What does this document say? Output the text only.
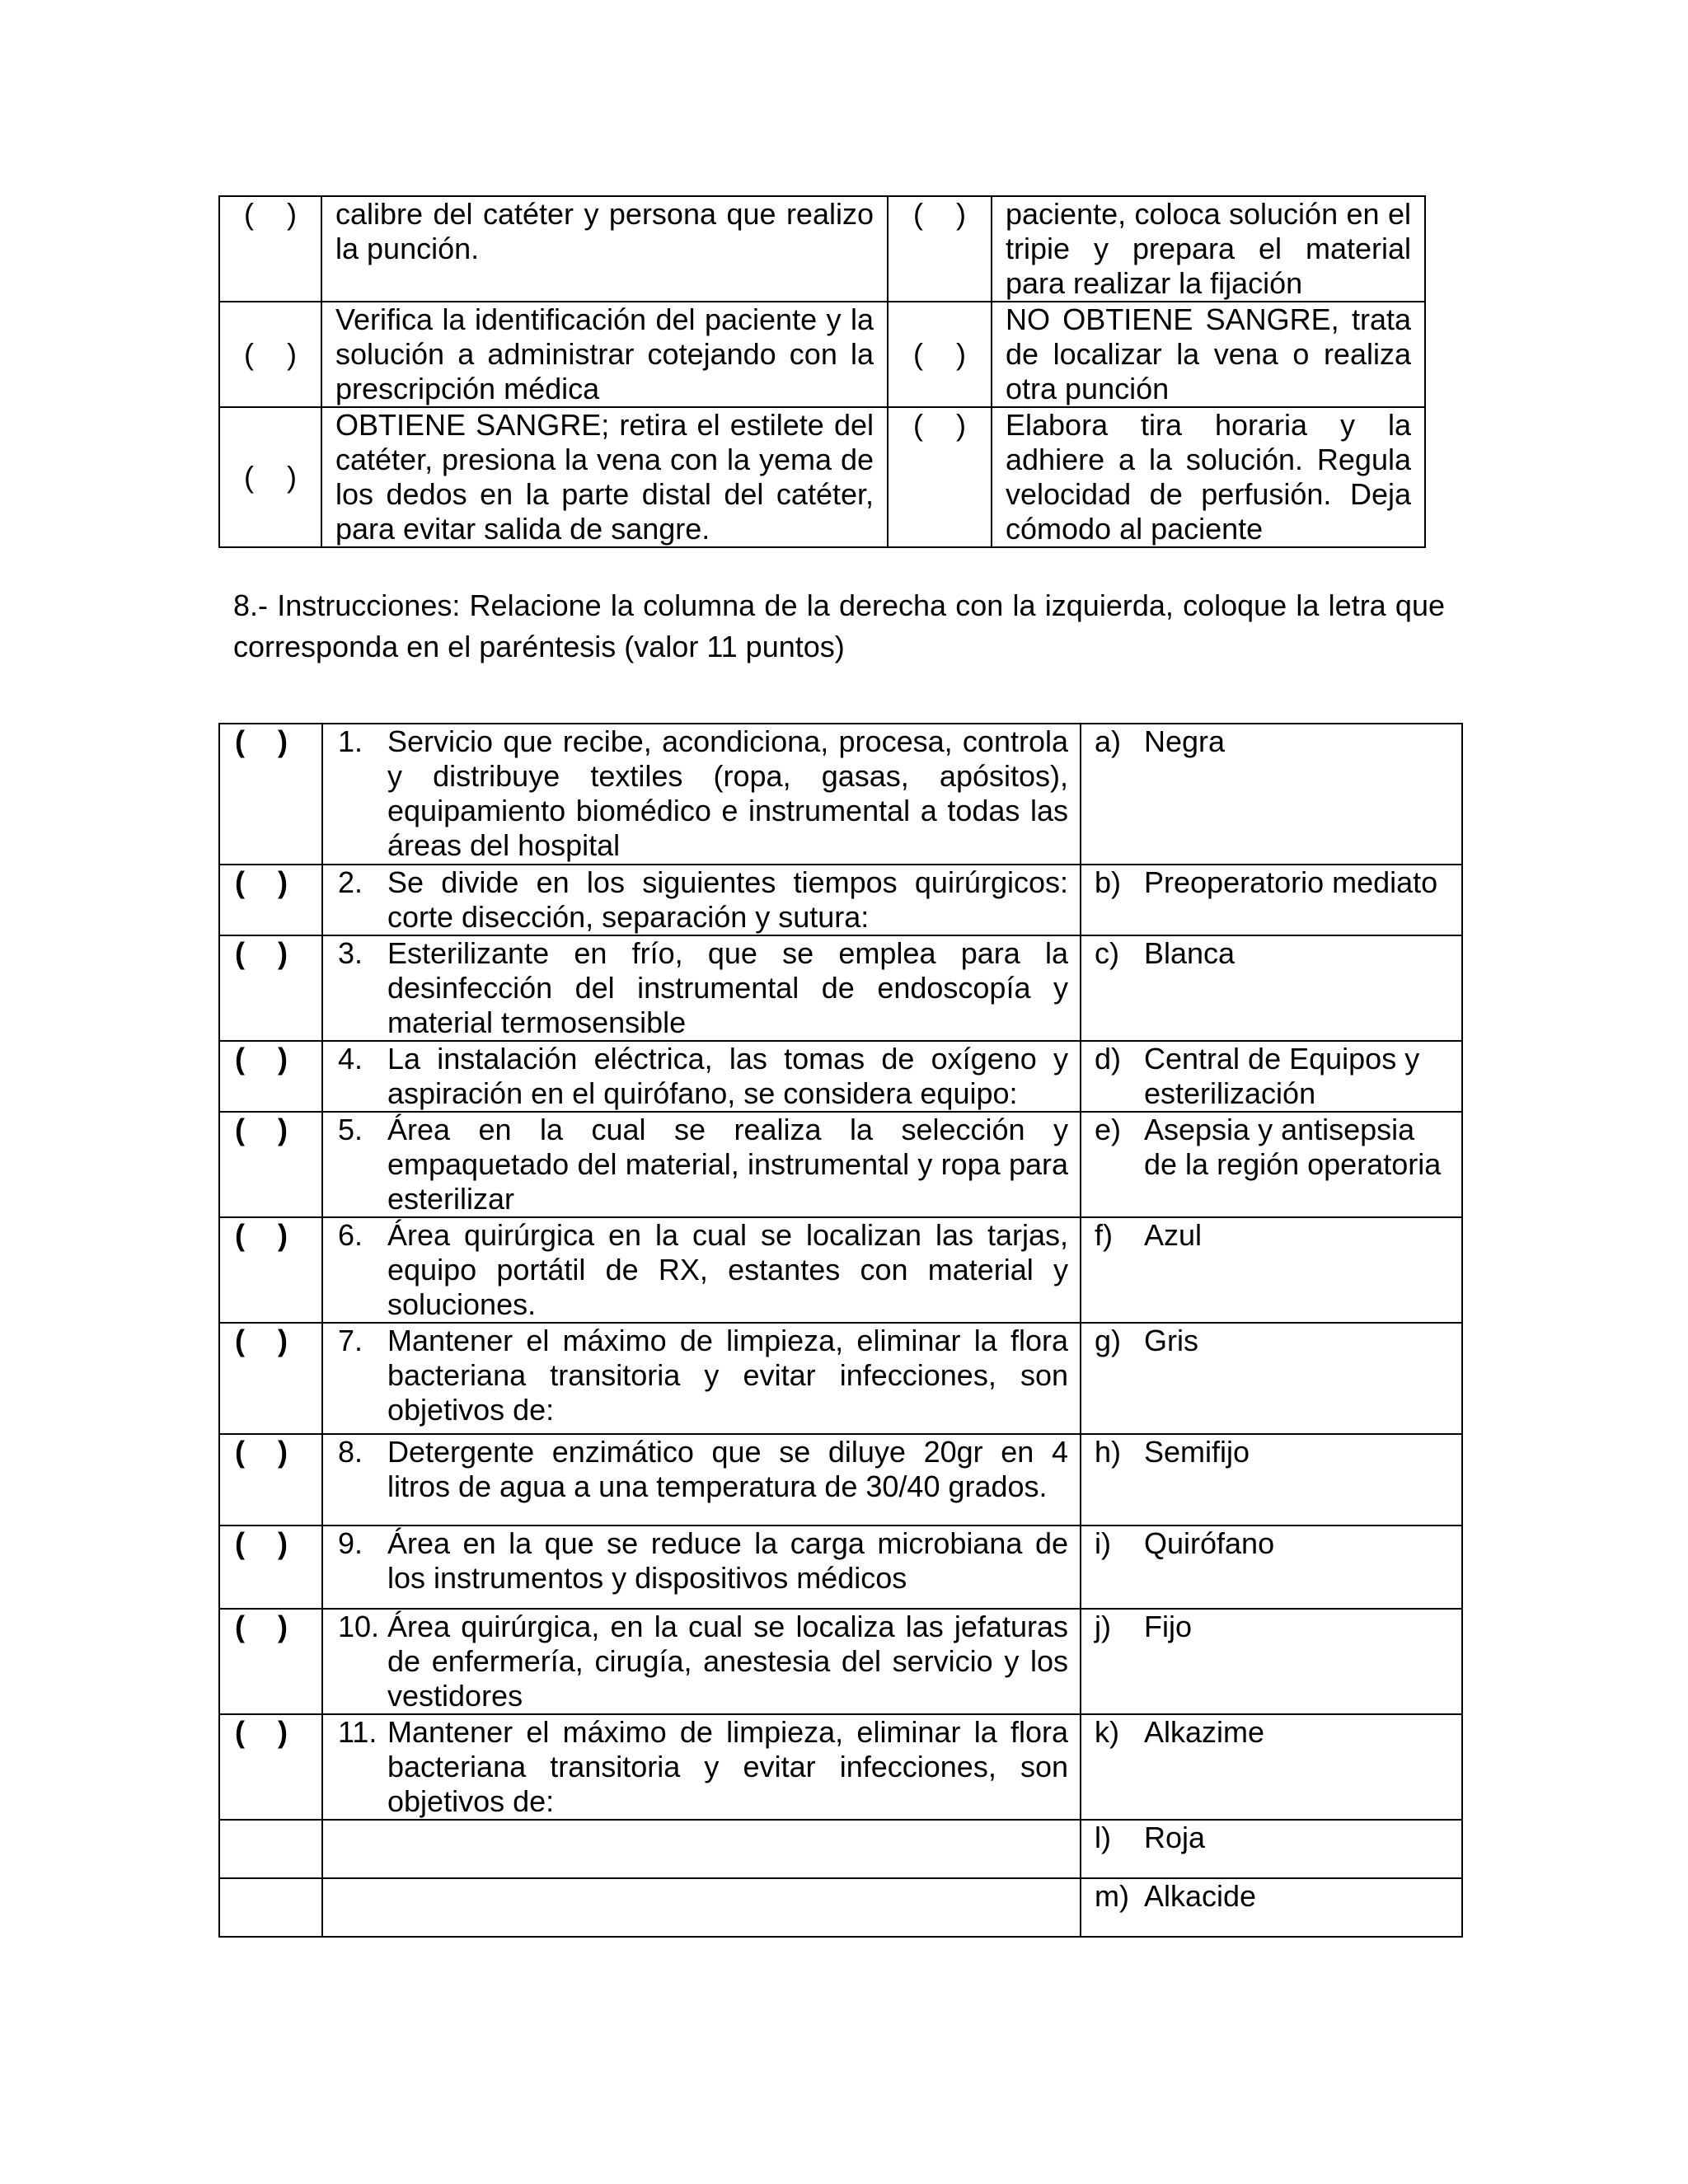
(    )	calibre del catéter y persona que realizo la punción.	(    )	paciente, coloca solución en el tripie y prepara el material para realizar la fijación
(    )	Verifica la identificación del paciente y la solución a administrar cotejando con la prescripción médica	(    )	NO OBTIENE SANGRE, trata de localizar la vena o realiza otra punción
(    )	OBTIENE SANGRE; retira el estilete del catéter, presiona la vena con la yema de los dedos en la parte distal del catéter, para evitar salida de sangre.	(    )	Elabora tira horaria y la adhiere a la solución. Regula velocidad de perfusión. Deja cómodo al paciente
8.- Instrucciones: Relacione la columna de la derecha con la izquierda, coloque la letra que corresponda en el paréntesis (valor 11 puntos)
(    )	1. Servicio que recibe, acondiciona, procesa, controla y distribuye textiles (ropa, gasas, apósitos), equipamiento biomédico e instrumental a todas las áreas del hospital	a) Negra

(    )	2. Se divide en los siguientes tiempos quirúrgicos: corte disección, separación y sutura:	b) Preoperatorio mediato

(    )	3. Esterilizante en frío, que se emplea para la desinfección del instrumental de endoscopía y material termosensible	c) Blanca

(    )	4. La instalación eléctrica, las tomas de oxígeno y aspiración en el quirófano, se considera equipo:	d) Central de Equipos y esterilización

(    )	5. Área en la cual se realiza la selección y empaquetado del material, instrumental y ropa para esterilizar	e) Asepsia y antisepsia de la región operatoria

(    )	6. Área quirúrgica en la cual se localizan las tarjas, equipo portátil de RX, estantes con material y soluciones.	f) Azul

(    )	7. Mantener el máximo de limpieza, eliminar la flora bacteriana transitoria y evitar infecciones, son objetivos de:	g) Gris

(    )	8. Detergente enzimático que se diluye 20gr en 4 litros de agua a una temperatura de 30/40 grados.	h) Semifijo

(    )	9. Área en la que se reduce la carga microbiana de los instrumentos y dispositivos médicos	i) Quirófano

(    )	10. Área quirúrgica, en la cual se localiza las jefaturas de enfermería, cirugía, anestesia del servicio y los vestidores	j) Fijo

(    )	11. Mantener el máximo de limpieza, eliminar la flora bacteriana transitoria y evitar infecciones, son objetivos de:	k) Alkazime

		l) Roja

		m) Alkacide
